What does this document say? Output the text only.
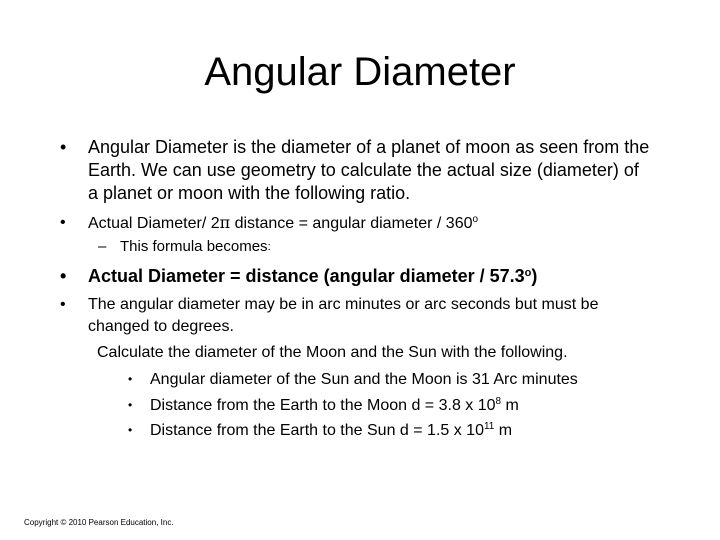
Angular Diameter
•	Angular Diameter is the diameter of a planet of moon as seen from the Earth. We can use geometry to calculate the actual size (diameter) of a planet or moon with the following ratio.
•	Actual Diameter/ 2π distance = angular diameter / 360$^o$
– This formula becomes :
•	Actual Diameter = distance (angular diameter / 57.3$^o$)
•	The angular diameter may be in arc minutes or arc seconds but must be changed to degrees.
Calculate the diameter of the Moon and the Sun with the following.
•	Angular diameter of the Sun and the Moon is 31 Arc minutes
•	Distance from the Earth to the Moon d = 3.8 x $10^8$ m
•	Distance from the Earth to the Sun d = 1.5 x $10^{11}$ m
Copyright © 2010 Pearson Education, Inc.
